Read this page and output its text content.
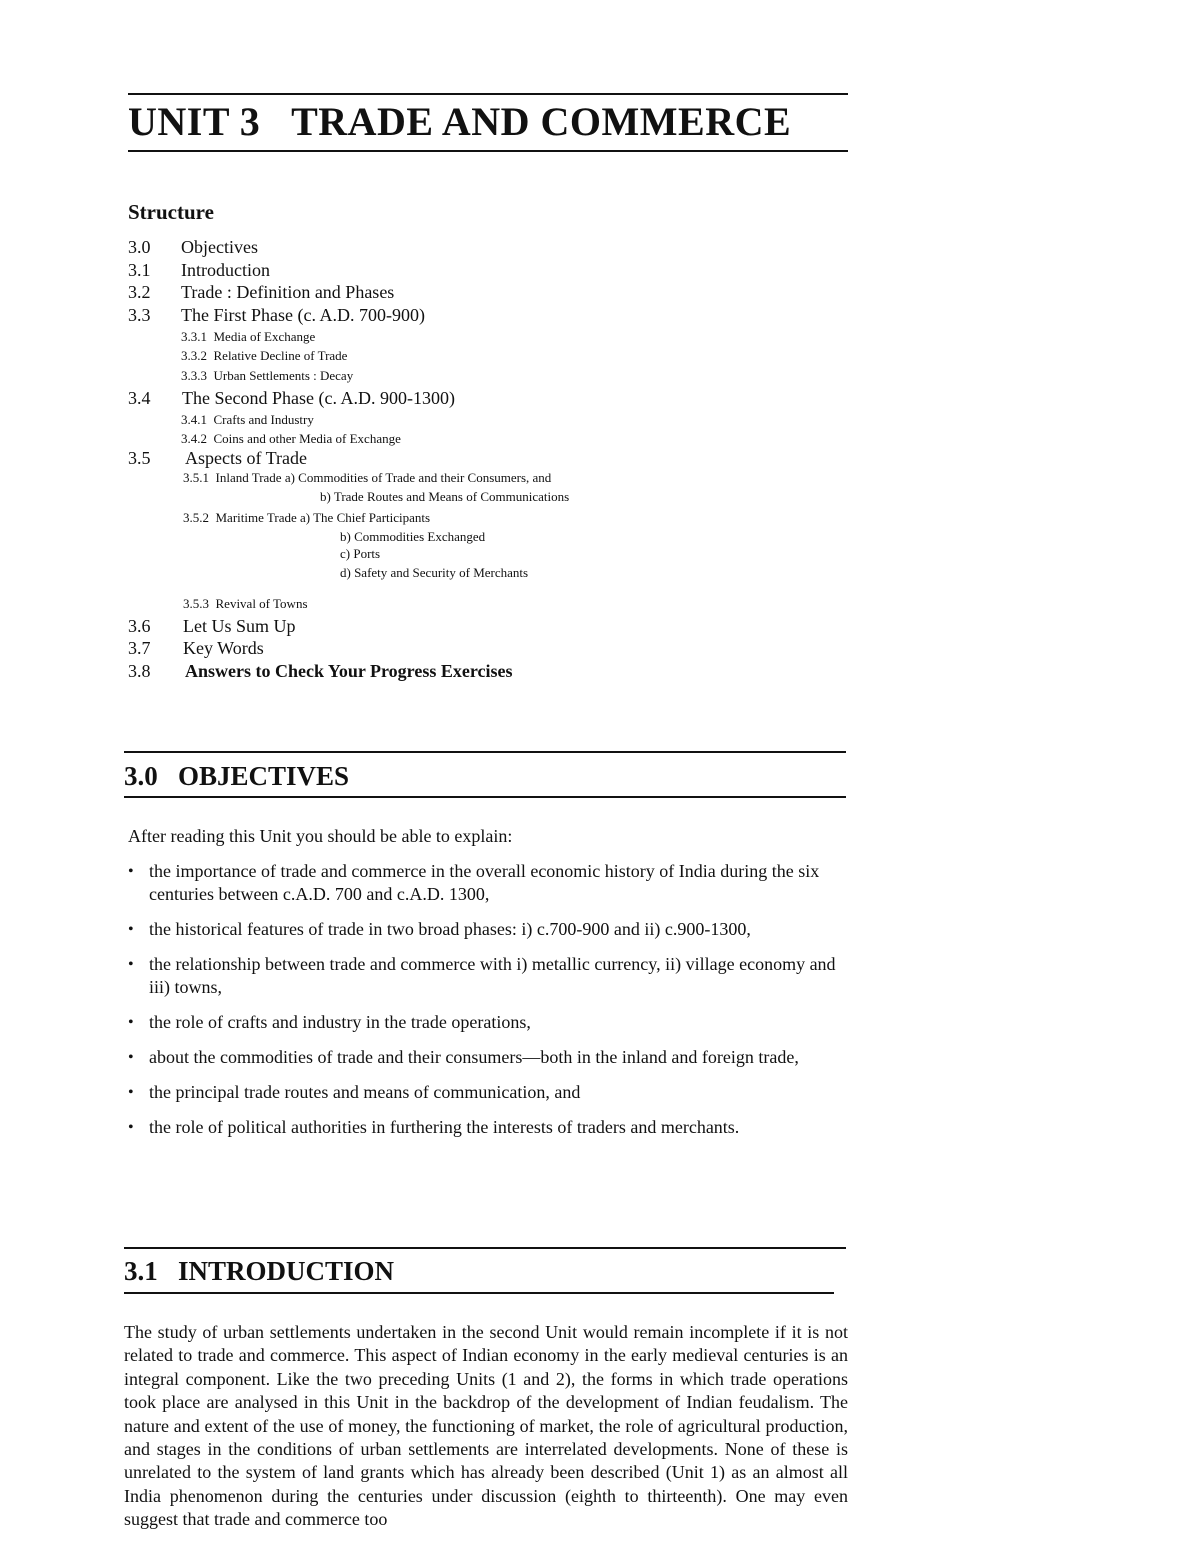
UNIT 3   TRADE AND COMMERCE
Structure
3.0 Objectives
3.1 Introduction
3.2 Trade : Definition and Phases
3.3 The First Phase (c. A.D. 700-900)
3.3.1  Media of Exchange
3.3.2  Relative Decline of Trade
3.3.3  Urban Settlements : Decay
3.4 The Second Phase (c. A.D. 900-1300)
3.4.1  Crafts and Industry
3.4.2  Coins and other Media of Exchange
3.5 Aspects of Trade
3.5.1  Inland Trade a) Commodities of Trade and their Consumers, and
b) Trade Routes and Means of Communications
3.5.2  Maritime Trade a) The Chief Participants
b) Commodities Exchanged
c) Ports
d) Safety and Security of Merchants
3.5.3  Revival of Towns
3.6 Let Us Sum Up
3.7 Key Words
3.8 Answers to Check Your Progress Exercises
3.0   OBJECTIVES

After reading this Unit you should be able to explain:

• the importance of trade and commerce in the overall economic history of India during the six centuries between c.A.D. 700 and c.A.D. 1300,
• the historical features of trade in two broad phases: i) c.700-900 and ii) c.900-1300,
• the relationship between trade and commerce with i) metallic currency, ii) village economy and iii) towns,
• the role of crafts and industry in the trade operations,
• about the commodities of trade and their consumers—both in the inland and foreign trade,
• the principal trade routes and means of communication, and
• the role of political authorities in furthering the interests of traders and merchants.
3.1   INTRODUCTION

The study of urban settlements undertaken in the second Unit would remain incomplete if it is not related to trade and commerce. This aspect of Indian economy in the early medieval centuries is an integral component. Like the two preceding Units (1 and 2), the forms in which trade operations took place are analysed in this Unit in the backdrop of the development of Indian feudalism. The nature and extent of the use of money, the functioning of market, the role of agricultural production, and stages in the conditions of urban settlements are interrelated developments. None of these is unrelated to the system of land grants which has already been described (Unit 1) as an almost all India phenomenon during the centuries under discussion (eighth to thirteenth). One may even suggest that trade and commerce too
